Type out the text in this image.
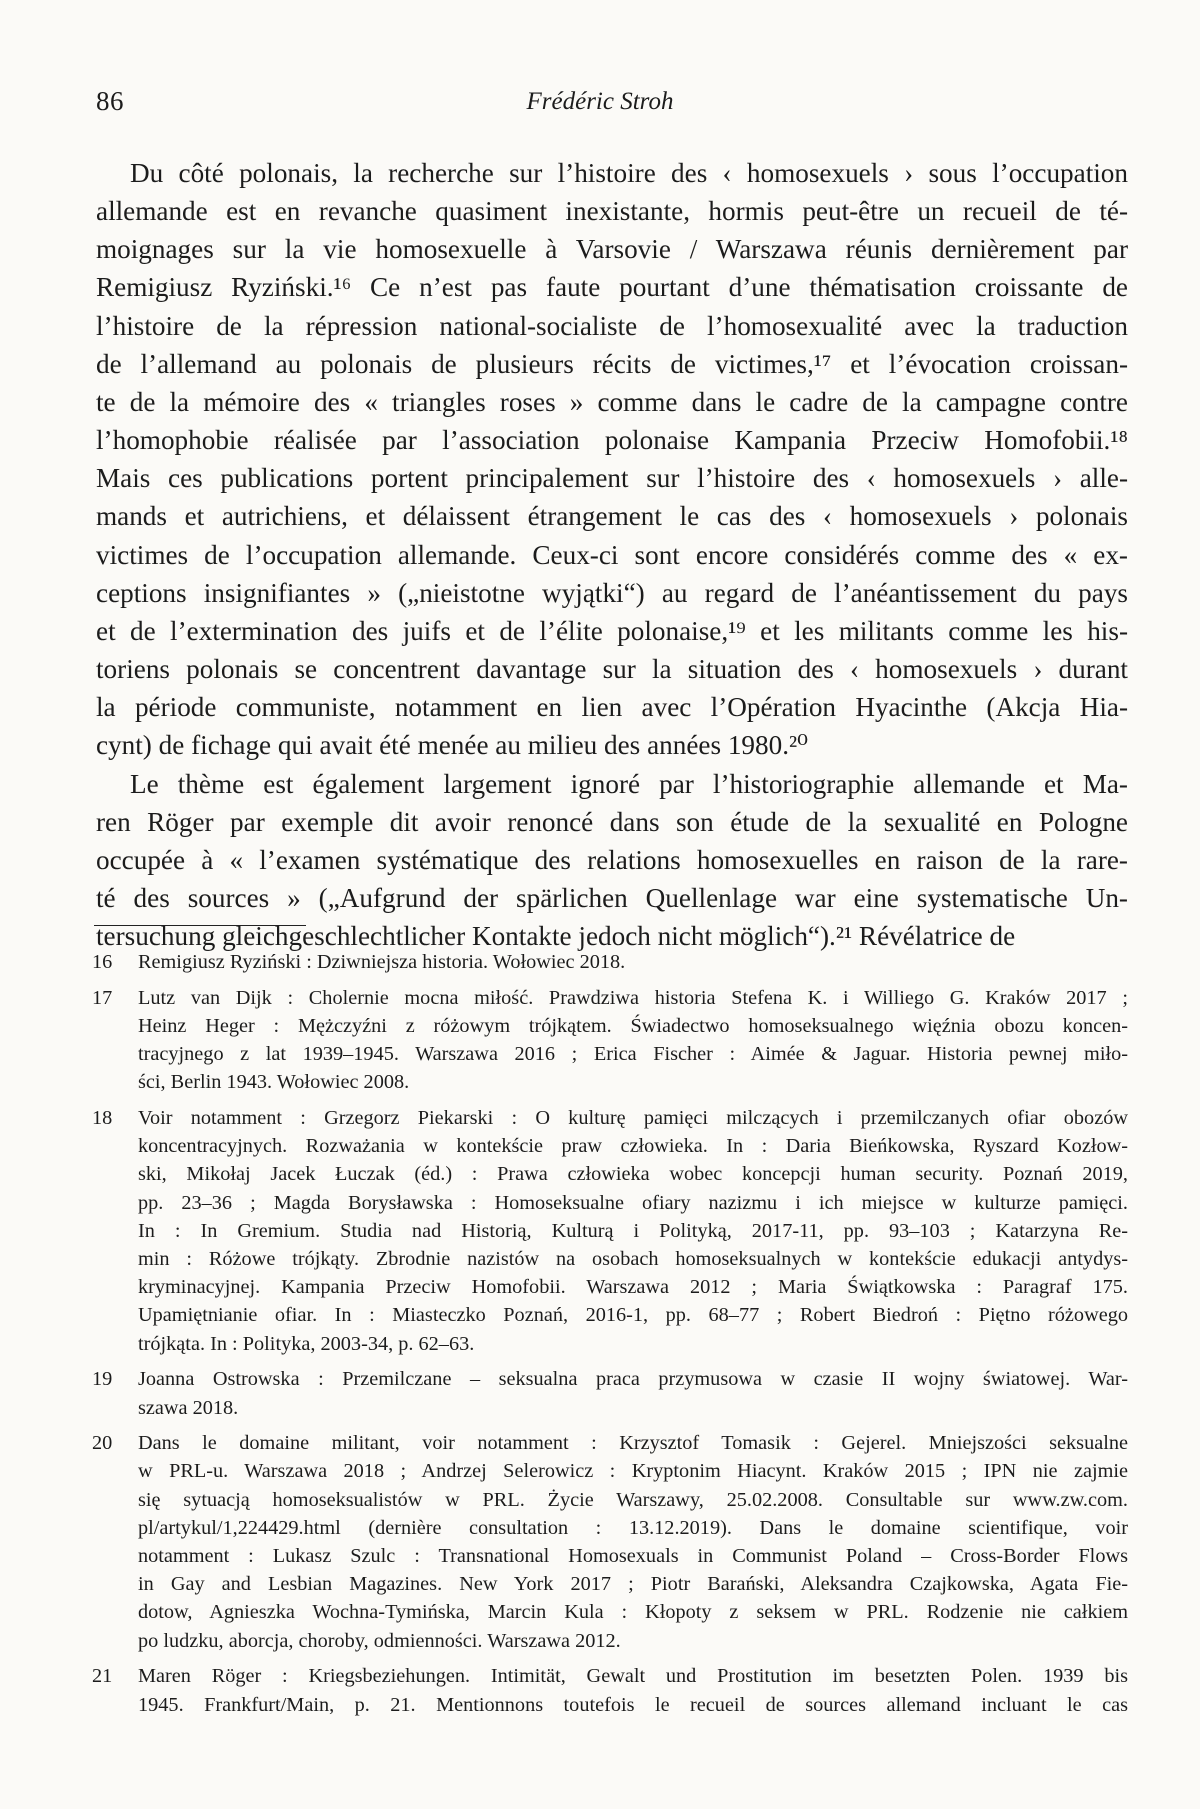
86	Frédéric Stroh
Du côté polonais, la recherche sur l’histoire des ‹ homosexuels › sous l’occupation
allemande est en revanche quasiment inexistante, hormis peut-être un recueil de té-
moignages sur la vie homosexuelle à Varsovie / Warszawa réunis dernièrement par
Remigiusz Ryziński.¹⁶ Ce n’est pas faute pourtant d’une thématisation croissante de
l’histoire de la répression national-socialiste de l’homosexualité avec la traduction
de l’allemand au polonais de plusieurs récits de victimes,¹⁷ et l’évocation croissan-
te de la mémoire des « triangles roses » comme dans le cadre de la campagne contre
l’homophobie réalisée par l’association polonaise Kampania Przeciw Homofobii.¹⁸
Mais ces publications portent principalement sur l’histoire des ‹ homosexuels › alle-
mands et autrichiens, et délaissent étrangement le cas des ‹ homosexuels › polonais
victimes de l’occupation allemande. Ceux-ci sont encore considérés comme des « ex-
ceptions insignifiantes » („nieistotne wyjątki“) au regard de l’anéantissement du pays
et de l’extermination des juifs et de l’élite polonaise,¹⁹ et les militants comme les his-
toriens polonais se concentrent davantage sur la situation des ‹ homosexuels › durant
la période communiste, notamment en lien avec l’Opération Hyacinthe (Akcja Hia-
cynt) de fichage qui avait été menée au milieu des années 1980.²⁰
Le thème est également largement ignoré par l’historiographie allemande et Ma-
ren Röger par exemple dit avoir renoncé dans son étude de la sexualité en Pologne
occupée à « l’examen systématique des relations homosexuelles en raison de la rare-
té des sources » („Aufgrund der spärlichen Quellenlage war eine systematische Un-
tersuchung gleichgeschlechtlicher Kontakte jedoch nicht möglich“).²¹ Révélatrice de
16	Remigiusz Ryziński : Dziwniejsza historia. Wołowiec 2018.
17	Lutz van Dijk : Cholernie mocna miłość. Prawdziwa historia Stefena K. i Williego G. Kraków 2017 ;
Heinz Heger : Mężczyźni z różowym trójkątem. Świadectwo homoseksualnego więźnia obozu koncen-
tracyjnego z lat 1939–1945. Warszawa 2016 ; Erica Fischer : Aimée & Jaguar. Historia pewnej miło-
ści, Berlin 1943. Wołowiec 2008.
18	Voir notamment : Grzegorz Piekarski : O kulturę pamięci milczących i przemilczanych ofiar obozów
koncentracyjnych. Rozważania w kontekście praw człowieka. In : Daria Bieńkowska, Ryszard Kozłow-
ski, Mikołaj Jacek Łuczak (éd.) : Prawa człowieka wobec koncepcji human security. Poznań 2019,
pp. 23–36 ; Magda Borysławska : Homoseksualne ofiary nazizmu i ich miejsce w kulturze pamięci.
In : In Gremium. Studia nad Historią, Kulturą i Polityką, 2017-11, pp. 93–103 ; Katarzyna Re-
min : Różowe trójkąty. Zbrodnie nazistów na osobach homoseksualnych w kontekście edukacji antydys-
kryminacyjnej. Kampania Przeciw Homofobii. Warszawa 2012 ; Maria Świątkowska : Paragraf 175.
Upamiętnianie ofiar. In : Miasteczko Poznań, 2016-1, pp. 68–77 ; Robert Biedroń : Piętno różowego
trójkąta. In : Polityka, 2003-34, p. 62–63.
19	Joanna Ostrowska : Przemilczane – seksualna praca przymusowa w czasie II wojny światowej. War-
szawa 2018.
20	Dans le domaine militant, voir notamment : Krzysztof Tomasik : Gejerel. Mniejszości seksualne
w PRL-u. Warszawa 2018 ; Andrzej Selerowicz : Kryptonim Hiacynt. Kraków 2015 ; IPN nie zajmie
się sytuacją homoseksualistów w PRL. Życie Warszawy, 25.02.2008. Consultable sur www.zw.com.
pl/artykul/1,224429.html (dernière consultation : 13.12.2019). Dans le domaine scientifique, voir
notamment : Lukasz Szulc : Transnational Homosexuals in Communist Poland – Cross-Border Flows
in Gay and Lesbian Magazines. New York 2017 ; Piotr Barański, Aleksandra Czajkowska, Agata Fie-
dotow, Agnieszka Wochna-Tymińska, Marcin Kula : Kłopoty z seksem w PRL. Rodzenie nie całkiem
po ludzku, aborcja, choroby, odmienności. Warszawa 2012.
21	Maren Röger : Kriegsbeziehungen. Intimität, Gewalt und Prostitution im besetzten Polen. 1939 bis
1945. Frankfurt/Main, p. 21. Mentionnons toutefois le recueil de sources allemand incluant le cas
